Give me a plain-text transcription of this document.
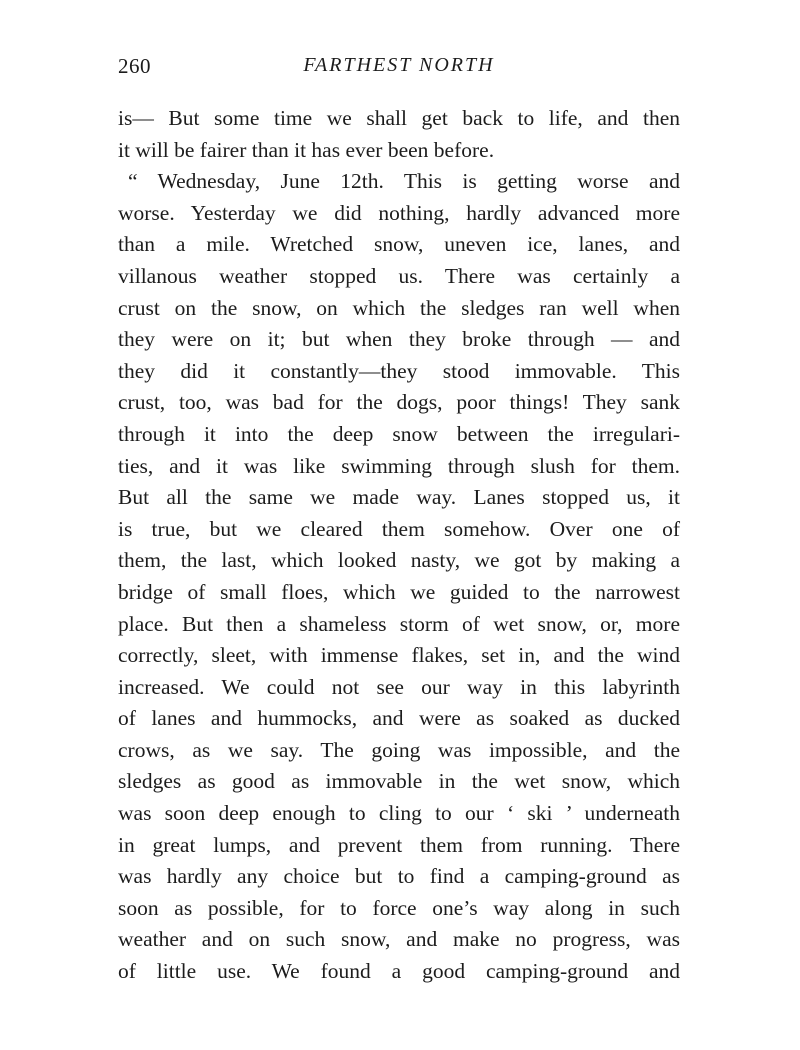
260	FARTHEST NORTH
is— But some time we shall get back to life, and then
it will be fairer than it has ever been before.
“ Wednesday, June 12th. This is getting worse and
worse. Yesterday we did nothing, hardly advanced more
than a mile. Wretched snow, uneven ice, lanes, and
villanous weather stopped us. There was certainly a
crust on the snow, on which the sledges ran well when
they were on it; but when they broke through — and
they did it constantly—they stood immovable. This
crust, too, was bad for the dogs, poor things! They sank
through it into the deep snow between the irregulari-
ties, and it was like swimming through slush for them.
But all the same we made way. Lanes stopped us, it
is true, but we cleared them somehow. Over one of
them, the last, which looked nasty, we got by making a
bridge of small floes, which we guided to the narrowest
place. But then a shameless storm of wet snow, or, more
correctly, sleet, with immense flakes, set in, and the wind
increased. We could not see our way in this labyrinth
of lanes and hummocks, and were as soaked as ducked
crows, as we say. The going was impossible, and the
sledges as good as immovable in the wet snow, which
was soon deep enough to cling to our ‘ ski ’ underneath
in great lumps, and prevent them from running. There
was hardly any choice but to find a camping-ground as
soon as possible, for to force one’s way along in such
weather and on such snow, and make no progress, was
of little use. We found a good camping-ground and
